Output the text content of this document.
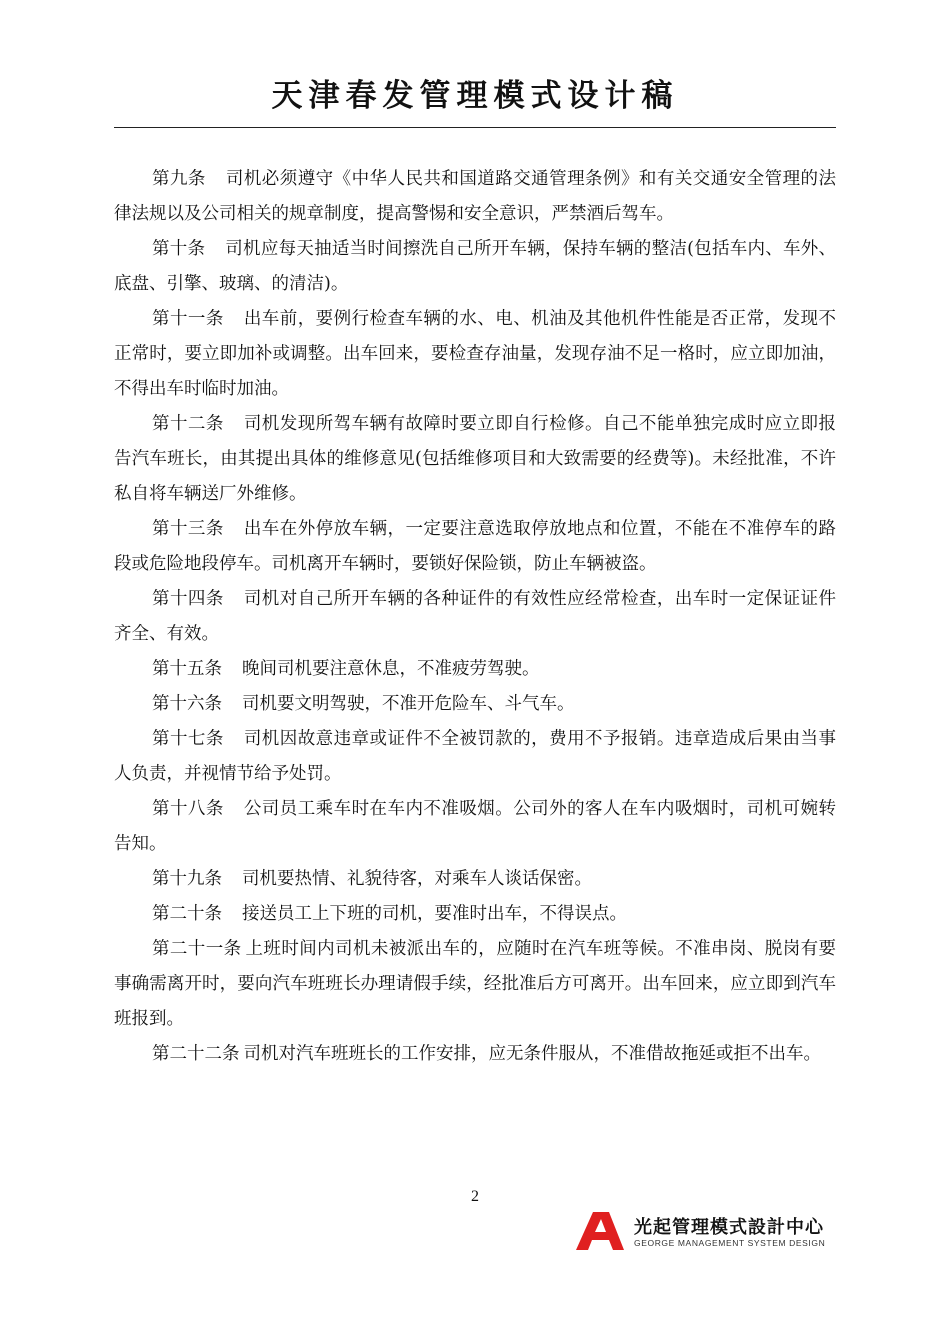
天津春发管理模式设计稿

第九条 司机必须遵守《中华人民共和国道路交通管理条例》和有关交通安全管理的法律法规以及公司相关的规章制度，提高警惕和安全意识，严禁酒后驾车。

第十条 司机应每天抽适当时间擦洗自己所开车辆，保持车辆的整洁(包括车内、车外、底盘、引擎、玻璃、的清洁)。

第十一条 出车前，要例行检查车辆的水、电、机油及其他机件性能是否正常，发现不正常时，要立即加补或调整。出车回来，要检查存油量，发现存油不足一格时，应立即加油，不得出车时临时加油。

第十二条 司机发现所驾车辆有故障时要立即自行检修。自己不能单独完成时应立即报告汽车班长，由其提出具体的维修意见(包括维修项目和大致需要的经费等)。未经批准，不许私自将车辆送厂外维修。

第十三条 出车在外停放车辆，一定要注意选取停放地点和位置，不能在不准停车的路段或危险地段停车。司机离开车辆时，要锁好保险锁，防止车辆被盗。

第十四条 司机对自己所开车辆的各种证件的有效性应经常检查，出车时一定保证证件齐全、有效。

第十五条 晚间司机要注意休息，不准疲劳驾驶。

第十六条 司机要文明驾驶，不准开危险车、斗气车。

第十七条 司机因故意违章或证件不全被罚款的，费用不予报销。违章造成后果由当事人负责，并视情节给予处罚。

第十八条 公司员工乘车时在车内不准吸烟。公司外的客人在车内吸烟时，司机可婉转告知。

第十九条 司机要热情、礼貌待客，对乘车人谈话保密。

第二十条 接送员工上下班的司机，要准时出车，不得误点。

第二十一条 上班时间内司机未被派出车的，应随时在汽车班等候。不准串岗、脱岗有要事确需离开时，要向汽车班班长办理请假手续，经批准后方可离开。出车回来，应立即到汽车班报到。

第二十二条 司机对汽车班班长的工作安排，应无条件服从，不准借故拖延或拒不出车。

2
光起管理模式設計中心
GEORGE MANAGEMENT SYSTEM DESIGN
